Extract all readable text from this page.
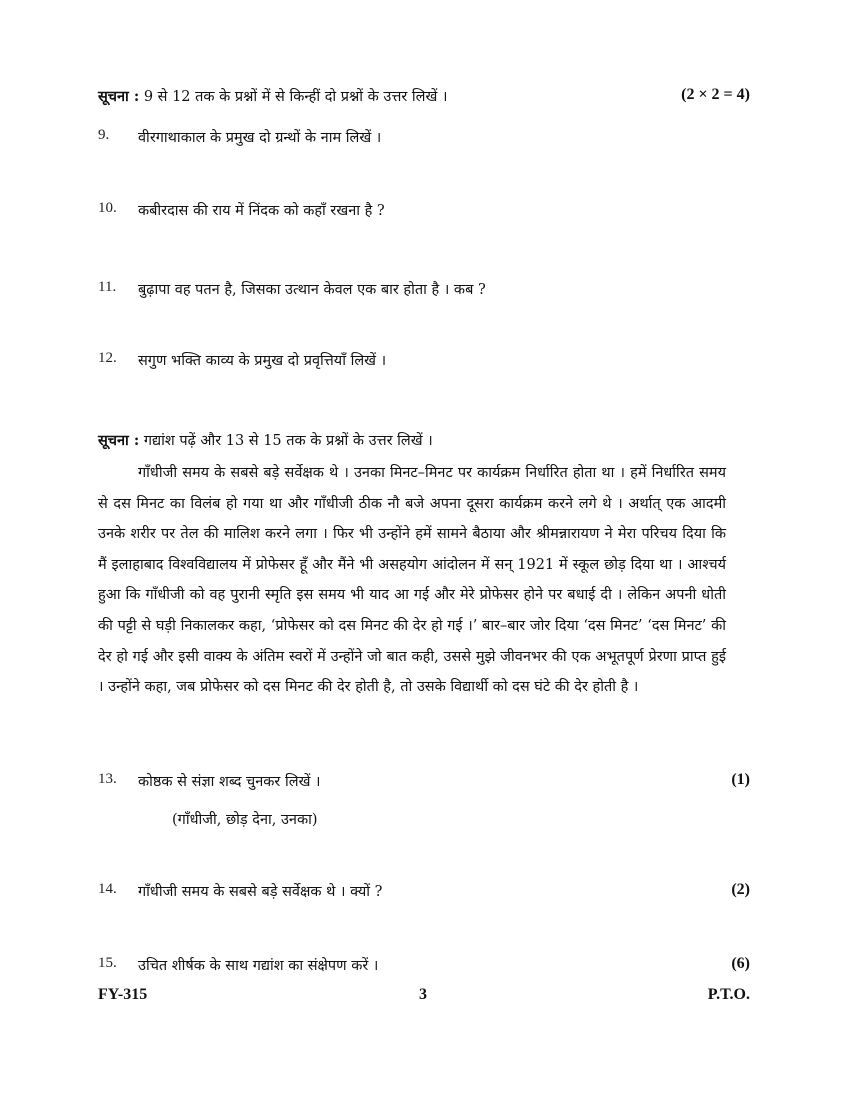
सूचना : 9 से 12 तक के प्रश्नों में से किन्हीं दो प्रश्नों के उत्तर लिखें ।	(2 × 2 = 4)
9. वीरगाथाकाल के प्रमुख दो ग्रन्थों के नाम लिखें ।
10. कबीरदास की राय में निंदक को कहाँ रखना है ?
11. बुढ़ापा वह पतन है, जिसका उत्थान केवल एक बार होता है । कब ?
12. सगुण भक्ति काव्य के प्रमुख दो प्रवृत्तियाँ लिखें ।
सूचना : गद्यांश पढ़ें और 13 से 15 तक के प्रश्नों के उत्तर लिखें ।
गाँधीजी समय के सबसे बड़े सर्वेक्षक थे । उनका मिनट–मिनट पर कार्यक्रम निर्धारित होता था । हमें निर्धारित समय से दस मिनट का विलंब हो गया था और गाँधीजी ठीक नौ बजे अपना दूसरा कार्यक्रम करने लगे थे । अर्थात् एक आदमी उनके शरीर पर तेल की मालिश करने लगा । फिर भी उन्होंने हमें सामने बैठाया और श्रीमन्नारायण ने मेरा परिचय दिया कि मैं इलाहाबाद विश्वविद्यालय में प्रोफेसर हूँ और मैंने भी असहयोग आंदोलन में सन् 1921 में स्कूल छोड़ दिया था । आश्चर्य हुआ कि गाँधीजी को वह पुरानी स्मृति इस समय भी याद आ गई और मेरे प्रोफेसर होने पर बधाई दी । लेकिन अपनी धोती की पट्टी से घड़ी निकालकर कहा, ‘प्रोफेसर को दस मिनट की देर हो गई ।’ बार–बार जोर दिया ‘दस मिनट’ ‘दस मिनट’ की देर हो गई और इसी वाक्य के अंतिम स्वरों में उन्होंने जो बात कही, उससे मुझे जीवनभर की एक अभूतपूर्ण प्रेरणा प्राप्त हुई । उन्होंने कहा, जब प्रोफेसर को दस मिनट की देर होती है, तो उसके विद्यार्थी को दस घंटे की देर होती है ।
13. कोष्ठक से संज्ञा शब्द चुनकर लिखें ।	(1)
(गाँधीजी, छोड़ देना, उनका)
14. गाँधीजी समय के सबसे बड़े सर्वेक्षक थे । क्यों ?	(2)
15. उचित शीर्षक के साथ गद्यांश का संक्षेपण करें ।	(6)
FY-315	3	P.T.O.
